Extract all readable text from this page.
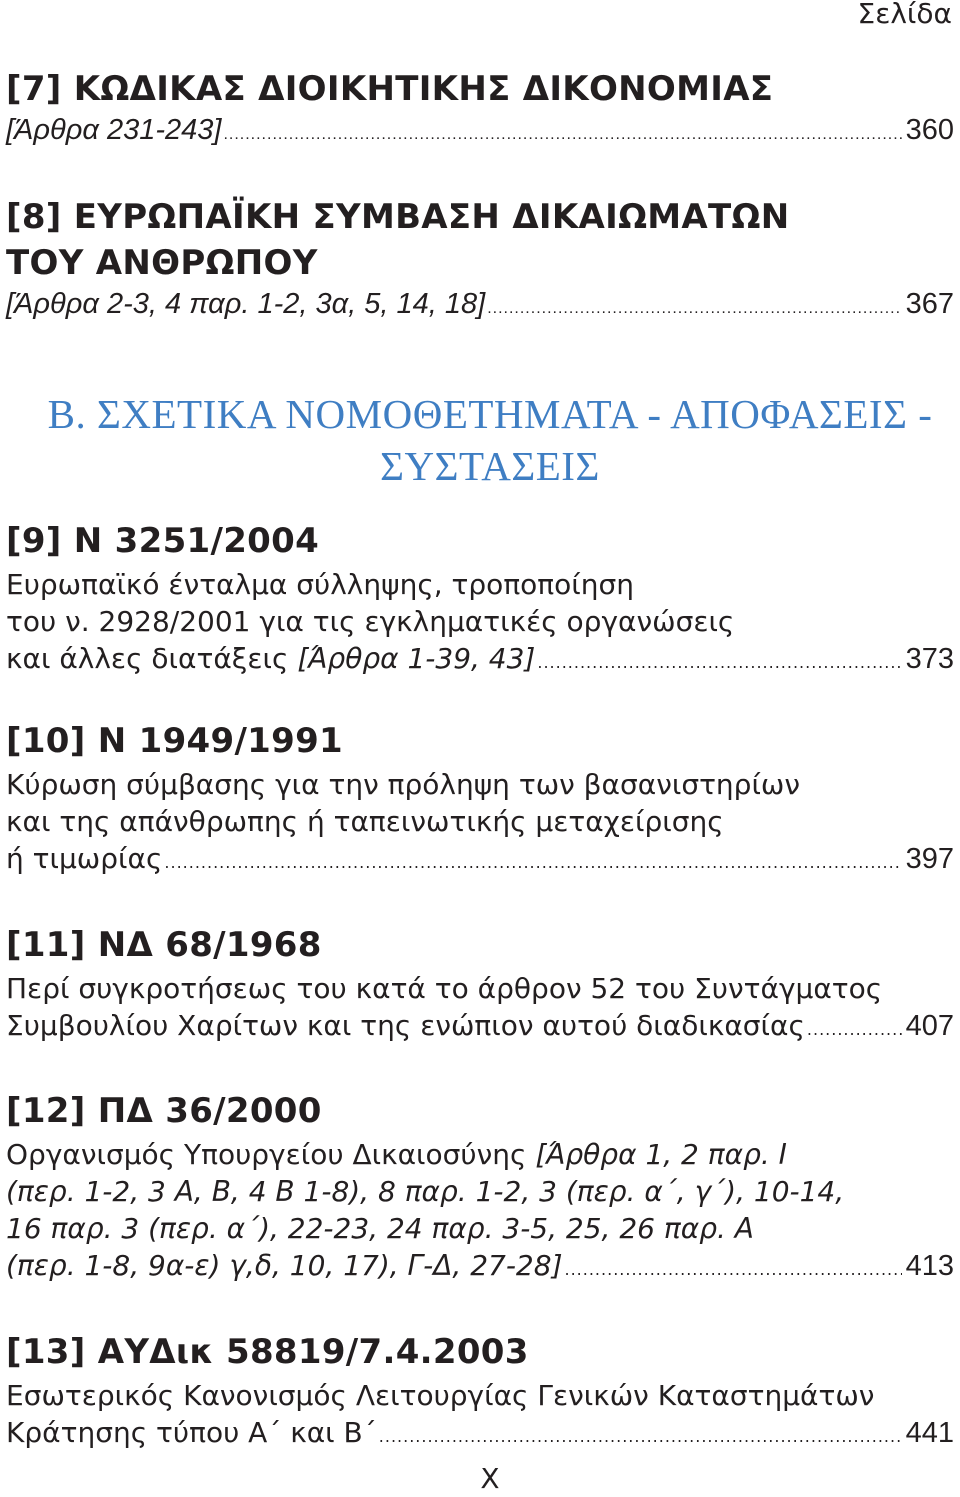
Σελίδα
[7] ΚΩΔΙΚΑΣ ΔΙΟΙΚΗΤΙΚΗΣ ΔΙΚΟΝΟΜΙΑΣ
[Άρθρα 231-243] .....	360
[8] ΕΥΡΩΠΑΪΚΗ ΣΥΜΒΑΣΗ ΔΙΚΑΙΩΜΑΤΩΝ
ΤΟΥ ΑΝΘΡΩΠΟΥ
[Άρθρα 2-3, 4 παρ. 1-2, 3α, 5, 14, 18] .....	367
Β. ΣΧΕΤΙΚΑ ΝΟΜΟΘΕΤΗΜΑΤΑ - ΑΠΟΦΑΣΕΙΣ -
ΣΥΣΤΑΣΕΙΣ
[9] Ν 3251/2004
Ευρωπαϊκό ένταλμα σύλληψης, τροποποίηση
του ν. 2928/2001 για τις εγκληματικές οργανώσεις
και άλλες διατάξεις
[Άρθρα 1-39, 43] .....	373
[10] Ν 1949/1991
Κύρωση σύμβασης για την πρόληψη των βασανιστηρίων
και της απάνθρωπης ή ταπεινωτικής μεταχείρισης
ή τιμωρίας .....	397
[11] ΝΔ 68/1968
Περί συγκροτήσεως του κατά το άρθρον 52 του Συντάγματος
Συμβουλίου Χαρίτων και της ενώπιον αυτού διαδικασίας .....	407
[12] ΠΔ 36/2000
Οργανισμός Υπουργείου Δικαιοσύνης [Άρθρα 1, 2 παρ. Ι
(περ. 1-2, 3 Α, Β, 4 Β 1-8), 8 παρ. 1-2, 3 (περ. α΄, γ΄), 10-14,
16 παρ. 3 (περ. α΄), 22-23, 24 παρ. 3-5, 25, 26 παρ. Α
(περ. 1-8, 9α-ε) γ,δ, 10, 17), Γ-Δ, 27-28] .....	413
[13] ΑΥΔικ 58819/7.4.2003
Εσωτερικός Κανονισμός Λειτουργίας Γενικών Καταστημάτων
Κράτησης τύπου Α΄ και Β΄ .....	441
X
